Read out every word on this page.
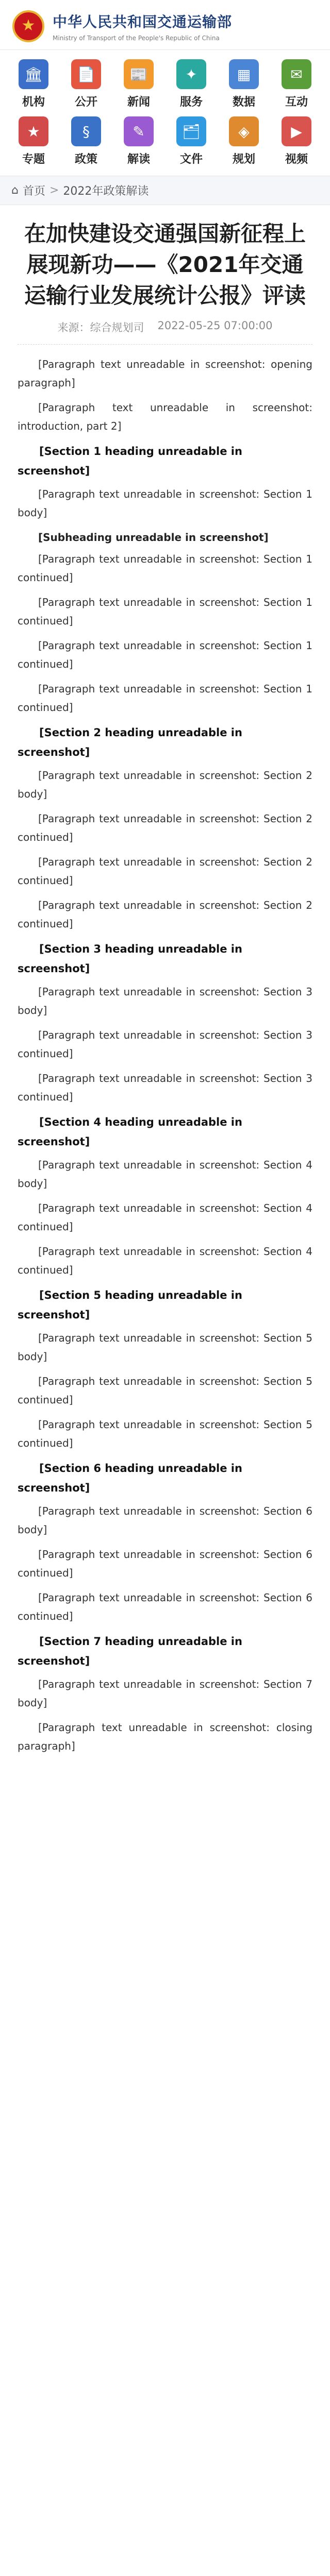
★
中华人民共和国交通运输部
Ministry of Transport of the People's Republic of China
🏛
机构
📄
公开
📰
新闻
✦
服务
▦
数据
✉
互动
★
专题
§
政策
✎
解读
🗂
文件
◈
规划
▶
视频
⌂ 首页 > 2022年政策解读
在加快建设交通强国新征程上展现新功——《2021年交通运输行业发展统计公报》评读
来源：综合规划司 2022-05-25 07:00:00

[Paragraph text unreadable in screenshot: opening paragraph]

[Paragraph text unreadable in screenshot: introduction, part 2]

[Section 1 heading unreadable in screenshot]

[Paragraph text unreadable in screenshot: Section 1 body]

[Subheading unreadable in screenshot]

[Paragraph text unreadable in screenshot: Section 1 continued]

[Paragraph text unreadable in screenshot: Section 1 continued]

[Paragraph text unreadable in screenshot: Section 1 continued]

[Paragraph text unreadable in screenshot: Section 1 continued]

[Section 2 heading unreadable in screenshot]

[Paragraph text unreadable in screenshot: Section 2 body]

[Paragraph text unreadable in screenshot: Section 2 continued]

[Paragraph text unreadable in screenshot: Section 2 continued]

[Paragraph text unreadable in screenshot: Section 2 continued]

[Section 3 heading unreadable in screenshot]

[Paragraph text unreadable in screenshot: Section 3 body]

[Paragraph text unreadable in screenshot: Section 3 continued]

[Paragraph text unreadable in screenshot: Section 3 continued]

[Section 4 heading unreadable in screenshot]

[Paragraph text unreadable in screenshot: Section 4 body]

[Paragraph text unreadable in screenshot: Section 4 continued]

[Paragraph text unreadable in screenshot: Section 4 continued]

[Section 5 heading unreadable in screenshot]

[Paragraph text unreadable in screenshot: Section 5 body]

[Paragraph text unreadable in screenshot: Section 5 continued]

[Paragraph text unreadable in screenshot: Section 5 continued]

[Section 6 heading unreadable in screenshot]

[Paragraph text unreadable in screenshot: Section 6 body]

[Paragraph text unreadable in screenshot: Section 6 continued]

[Paragraph text unreadable in screenshot: Section 6 continued]

[Section 7 heading unreadable in screenshot]

[Paragraph text unreadable in screenshot: Section 7 body]

[Paragraph text unreadable in screenshot: closing paragraph]
